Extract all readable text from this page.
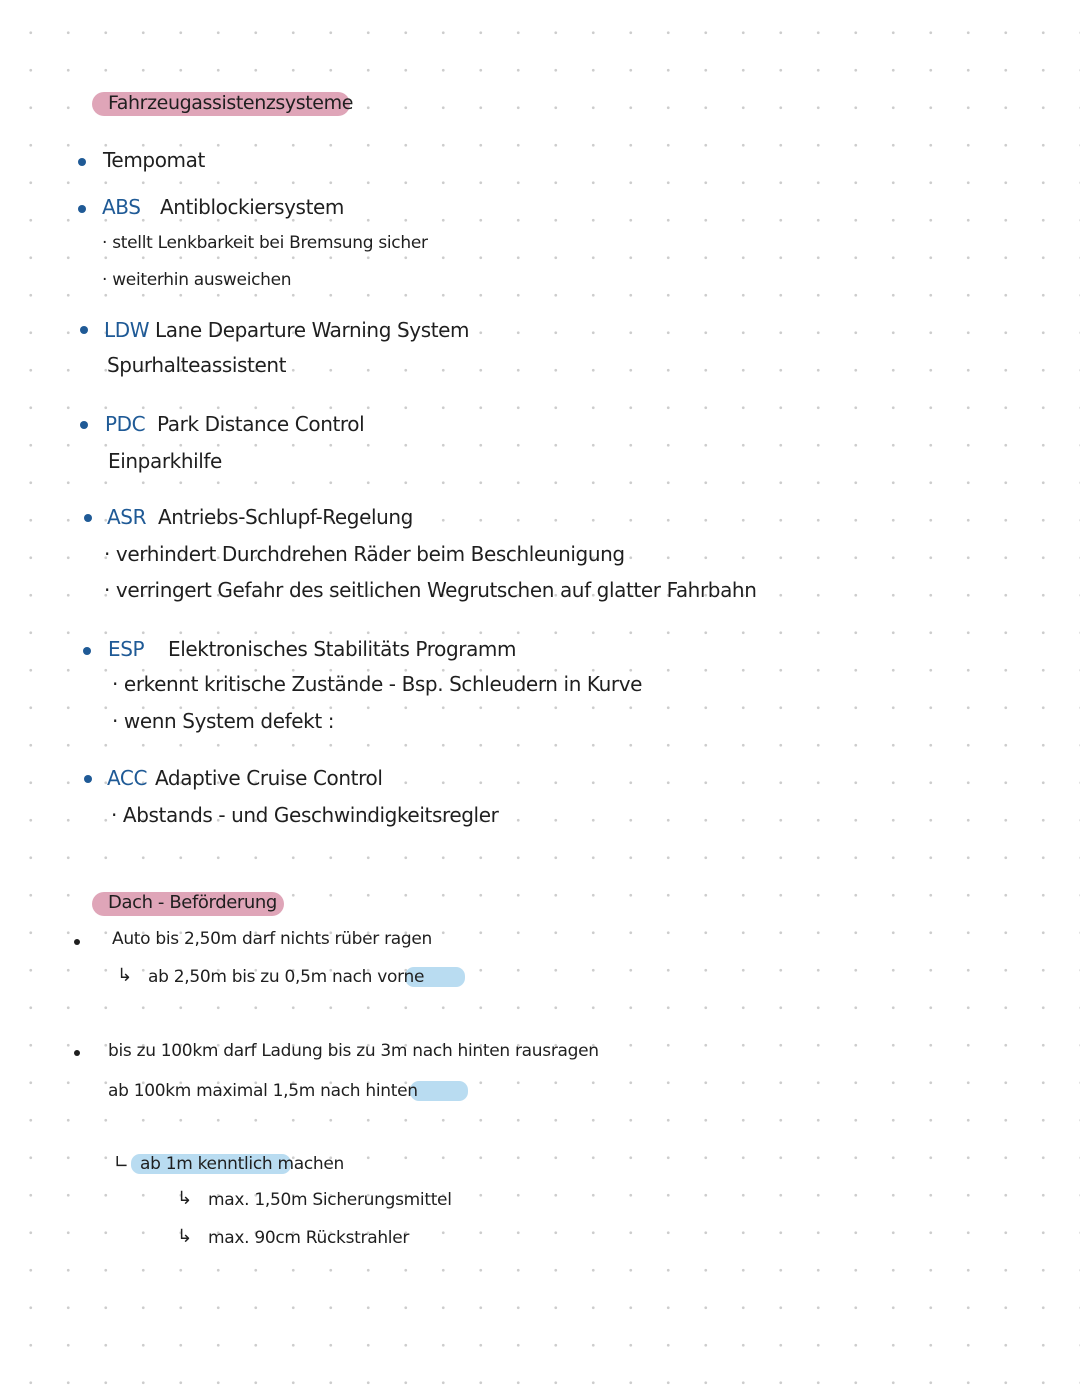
Fahrzeugassistenzsysteme
Tempomat
ABS Antiblockiersystem
· stellt Lenkbarkeit bei Bremsung sicher
· weiterhin ausweichen
LDW Lane Departure Warning System
Spurhalteassistent
PDC Park Distance Control
Einparkhilfe
ASR Antriebs-Schlupf-Regelung
· verhindert Durchdrehen Räder beim Beschleunigung
· verringert Gefahr des seitlichen Wegrutschen auf glatter Fahrbahn
ESP Elektronisches Stabilitäts Programm
· erkennt kritische Zustände - Bsp. Schleudern in Kurve
· wenn System defekt :
ACC Adaptive Cruise Control
· Abstands - und Geschwindigkeitsregler
Dach - Beförderung
Auto bis 2,50m darf nichts rüber ragen
↳ ab 2,50m bis zu 0,5m nach vorne
bis zu 100km darf Ladung bis zu 3m nach hinten rausragen
ab 100km maximal 1,5m nach hinten
∟ ab 1m kenntlich machen
↳ max. 1,50m Sicherungsmittel
↳ max. 90cm Rückstrahler
